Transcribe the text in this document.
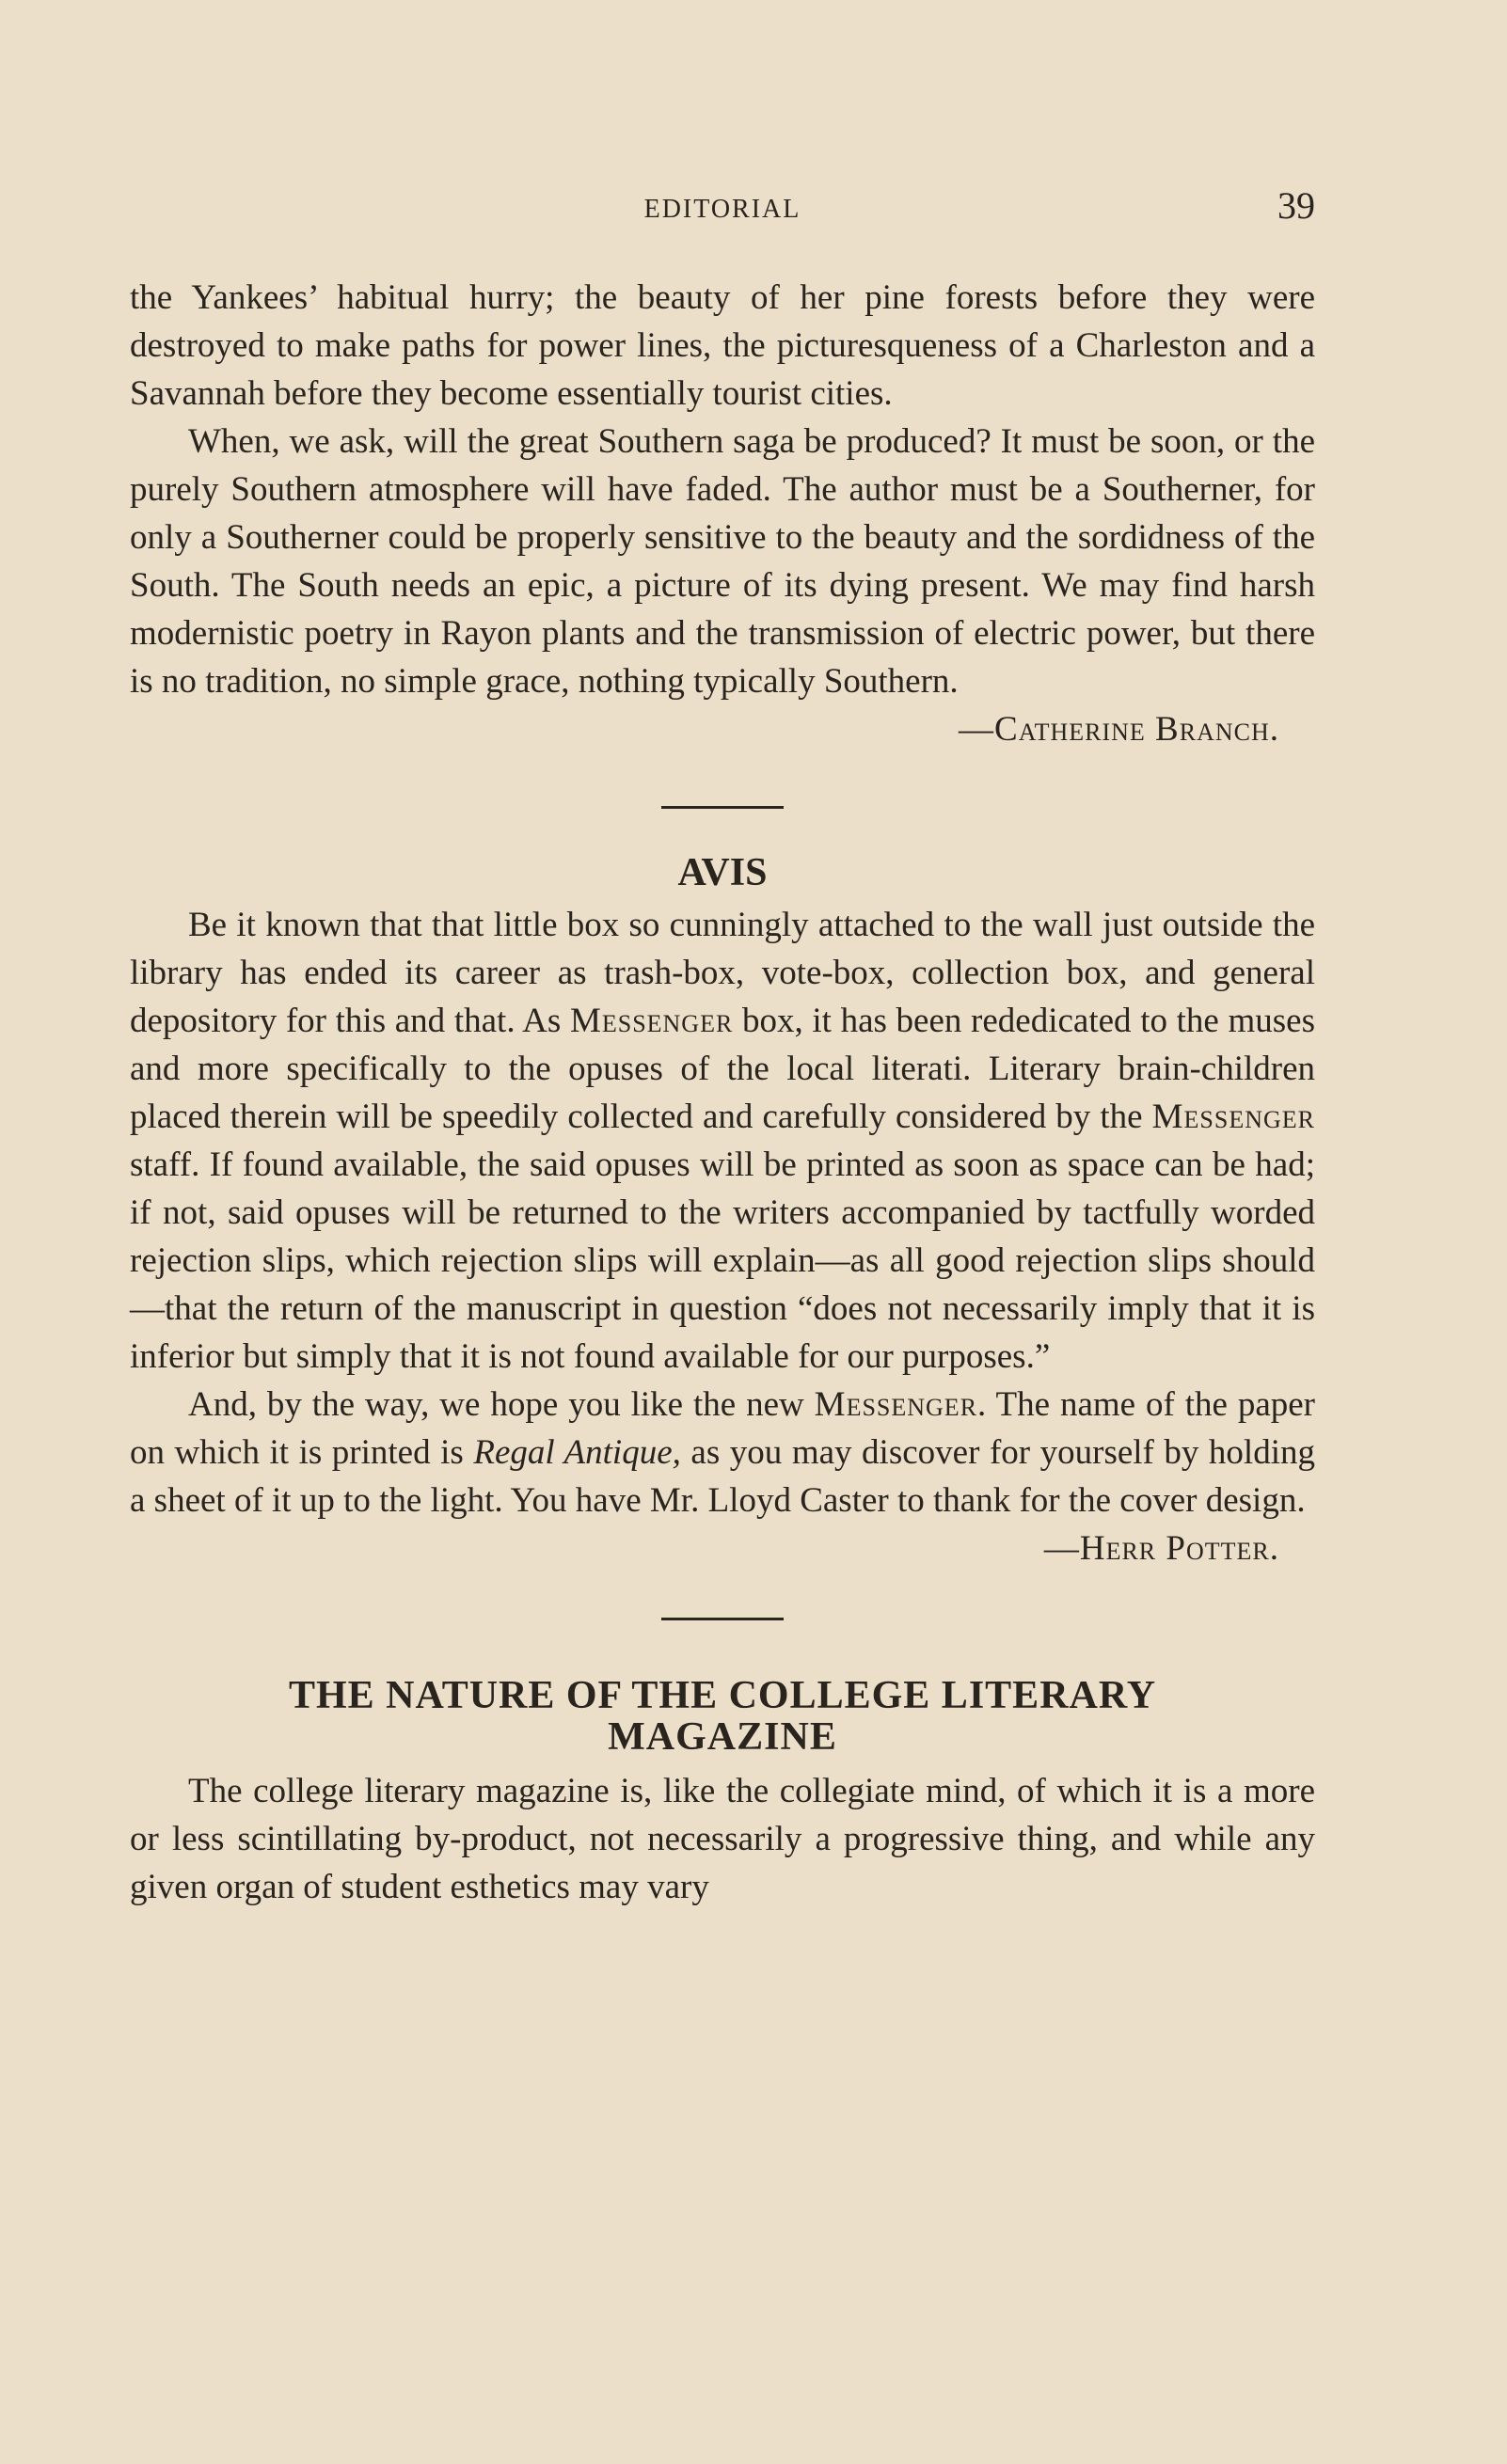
EDITORIAL	39

the Yankees’ habitual hurry; the beauty of her pine forests before they were destroyed to make paths for power lines, the picturesqueness of a Charleston and a Savannah before they become essentially tourist cities.

When, we ask, will the great Southern saga be produced? It must be soon, or the purely Southern atmosphere will have faded. The author must be a Southerner, for only a Southerner could be properly sensitive to the beauty and the sordidness of the South. The South needs an epic, a picture of its dying present. We may find harsh modernistic poetry in Rayon plants and the transmission of electric power, but there is no tradition, no simple grace, nothing typically Southern.

—Catherine Branch.
AVIS

Be it known that that little box so cunningly attached to the wall just outside the library has ended its career as trash-box, vote-box, collection box, and general depository for this and that. As Messenger box, it has been rededicated to the muses and more specifically to the opuses of the local literati. Literary brain-children placed therein will be speedily collected and carefully considered by the Messenger staff. If found available, the said opuses will be printed as soon as space can be had; if not, said opuses will be returned to the writers accompanied by tactfully worded rejection slips, which rejection slips will explain—as all good rejection slips should—that the return of the manuscript in question “does not necessarily imply that it is inferior but simply that it is not found available for our purposes.”

And, by the way, we hope you like the new Messenger. The name of the paper on which it is printed is Regal Antique, as you may discover for yourself by holding a sheet of it up to the light. You have Mr. Lloyd Caster to thank for the cover design.

—Herr Potter.
THE NATURE OF THE COLLEGE LITERARY
MAGAZINE

The college literary magazine is, like the collegiate mind, of which it is a more or less scintillating by-product, not necessarily a progressive thing, and while any given organ of student esthetics may vary
